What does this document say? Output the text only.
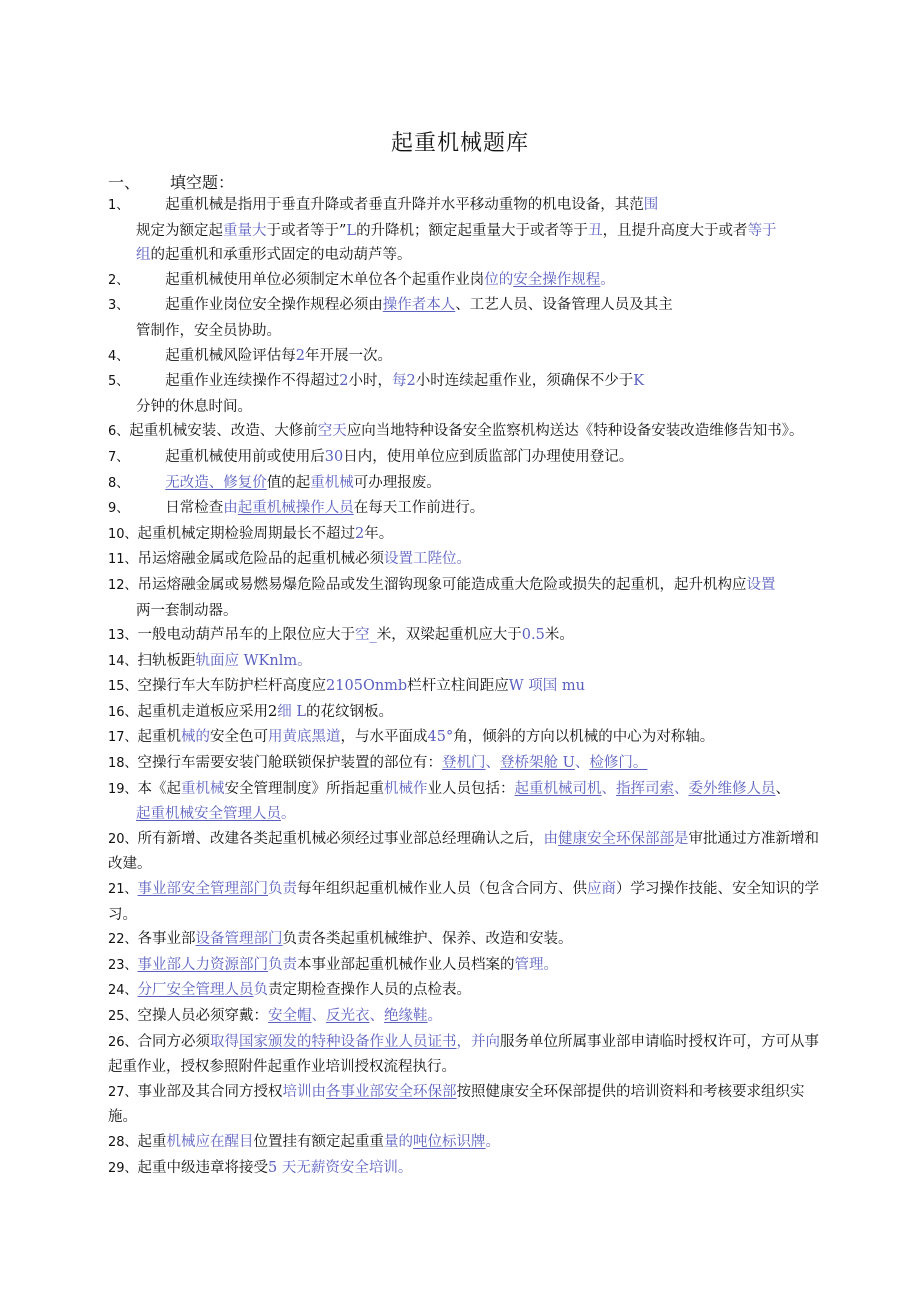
起重机械题库
一、 填空题：

1、 起重机械是指用于垂直升降或者垂直升降并水平移动重物的机电设备，其范围
规定为额定起重量大于或者等于”L的升降机；额定起重量大于或者等于丑，且提升高度大于或者等于
组的起重机和承重形式固定的电动葫芦等。

2、 起重机械使用单位必须制定木单位各个起重作业岗位的安全操作规程。

3、 起重作业岗位安全操作规程必须由操作者本人、工艺人员、设备管理人员及其主
管制作，安全员协助。

4、 起重机械风险评估每2年开展一次。

5、 起重作业连续操作不得超过2小时，每2小时连续起重作业，须确保不少于K
分钟的休息时间。

6、起重机械安装、改造、大修前空天应向当地特种设备安全监察机构送达《特种设备安装改造维修告知书》。

7、 起重机械使用前或使用后30日内，使用单位应到质监部门办理使用登记。

8、 无改造、修复价值的起重机械可办理报废。

9、 日常检查由起重机械操作人员在每天工作前进行。

10、起重机械定期检验周期最长不超过2年。

11、吊运熔融金属或危险品的起重机械必须设置工陛位。

12、吊运熔融金属或易燃易爆危险品或发生溜钩现象可能造成重大危险或损失的起重机，起升机构应设置
两一套制动器。

13、一般电动葫芦吊车的上限位应大于空_米，双梁起重机应大于0.5米。

14、扫轨板距轨面应 WKnlm。

15、空操行车大车防护栏杆高度应2105Onmb栏杆立柱间距应W 项国 mu

16、起重机走道板应采用2细 L的花纹钢板。

17、起重机械的安全色可用黄底黑道，与水平面成45°角，倾斜的方向以机械的中心为对称轴。

18、空操行车需要安装门舱联锁保护装置的部位有：登机门、登桥架舱 U、检修门。

19、本《起重机械安全管理制度》所指起重机械作业人员包括：起重机械司机、指挥司索、委外维修人员、
起重机械安全管理人员。

20、所有新增、改建各类起重机械必须经过事业部总经理确认之后，由健康安全环保部部是审批通过方准新增和改建。

21、事业部安全管理部门负责每年组织起重机械作业人员（包含合同方、供应商）学习操作技能、安全知识的学习。

22、各事业部设备管理部门负责各类起重机械维护、保养、改造和安装。

23、事业部人力资源部门负责本事业部起重机械作业人员档案的管理。

24、分厂安全管理人员负责定期检查操作人员的点检表。

25、空操人员必须穿戴：安全帽、反光衣、绝缘鞋。

26、合同方必须取得国家颁发的特种设备作业人员证书，并向服务单位所属事业部申请临时授权许可，方可从事起重作业，授权参照附件起重作业培训授权流程执行。

27、事业部及其合同方授权培训由各事业部安全环保部按照健康安全环保部提供的培训资料和考核要求组织实施。

28、起重机械应在醒目位置挂有额定起重重量的吨位标识牌。

29、起重中级违章将接受5 天无薪资安全培训。
